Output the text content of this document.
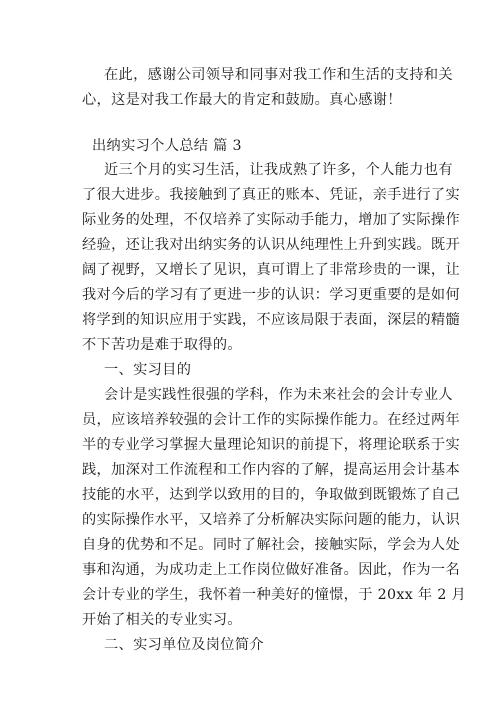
在此，感谢公司领导和同事对我工作和生活的支持和关
心，这是对我工作最大的肯定和鼓励。真心感谢！
出纳实习个人总结 篇 3
近三个月的实习生活，让我成熟了许多，个人能力也有
了很大进步。我接触到了真正的账本、凭证，亲手进行了实
际业务的处理，不仅培养了实际动手能力，增加了实际操作
经验，还让我对出纳实务的认识从纯理性上升到实践。既开
阔了视野，又增长了见识，真可谓上了非常珍贵的一课，让
我对今后的学习有了更进一步的认识：学习更重要的是如何
将学到的知识应用于实践，不应该局限于表面，深层的精髓
不下苦功是难于取得的。
一、实习目的
会计是实践性很强的学科，作为未来社会的会计专业人
员，应该培养较强的会计工作的实际操作能力。在经过两年
半的专业学习掌握大量理论知识的前提下，将理论联系于实
践，加深对工作流程和工作内容的了解，提高运用会计基本
技能的水平，达到学以致用的目的，争取做到既锻炼了自己
的实际操作水平，又培养了分析解决实际问题的能力，认识
自身的优势和不足。同时了解社会，接触实际，学会为人处
事和沟通，为成功走上工作岗位做好准备。因此，作为一名
会计专业的学生，我怀着一种美好的憧憬，于 20xx 年 2 月
开始了相关的专业实习。
二、实习单位及岗位简介
